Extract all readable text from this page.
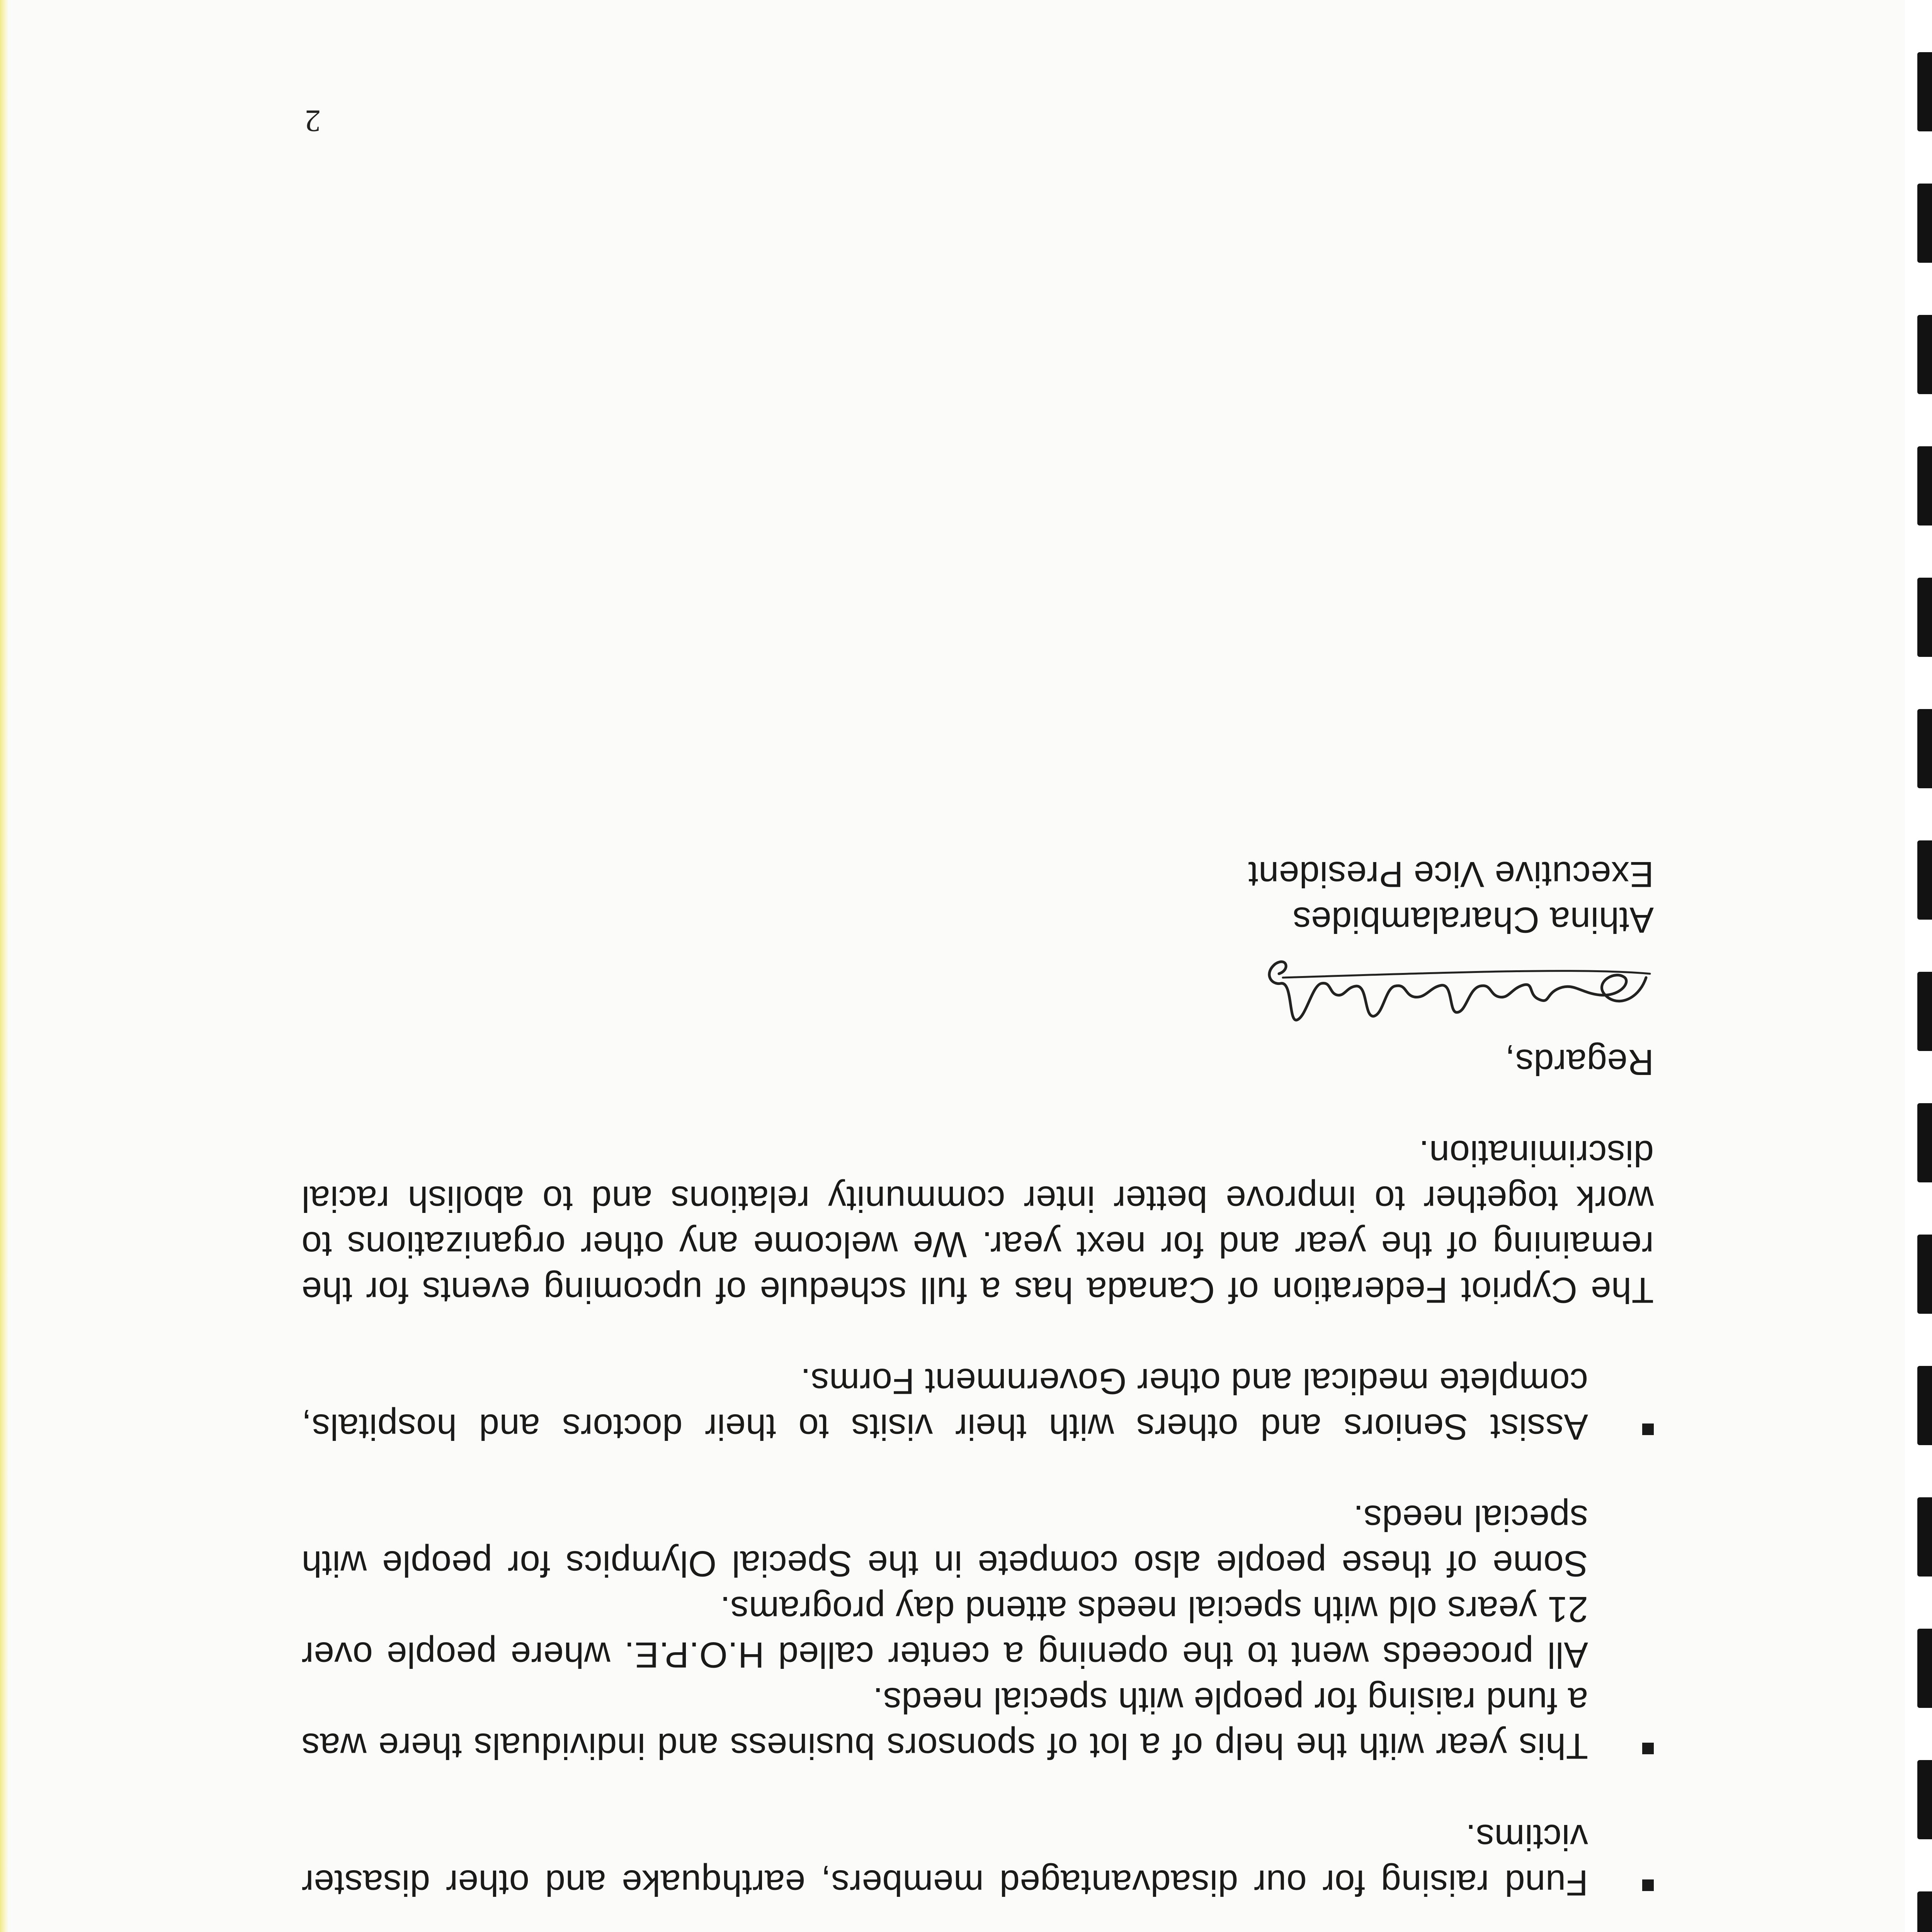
Fund raising for our disadvantaged members, earthquake and other disaster victims.
This year with the help of a lot of sponsors business and individuals there was a fund raising for people with special needs.
All proceeds went to the opening a center called H.O.P.E. where people over 21 years old with special needs attend day programs.
Some of these people also compete in the Special Olympics for people with special needs.
Assist Seniors and others with their visits to their doctors and hospitals, complete medical and other Government Forms.

The Cypriot Federation of Canada has a full schedule of upcoming events for the remaining of the year and for next year. We welcome any other organizations to work together to improve better inter community relations and to abolish racial discrimination.

Regards,

Athina Charalambides

Executive Vice President

2
